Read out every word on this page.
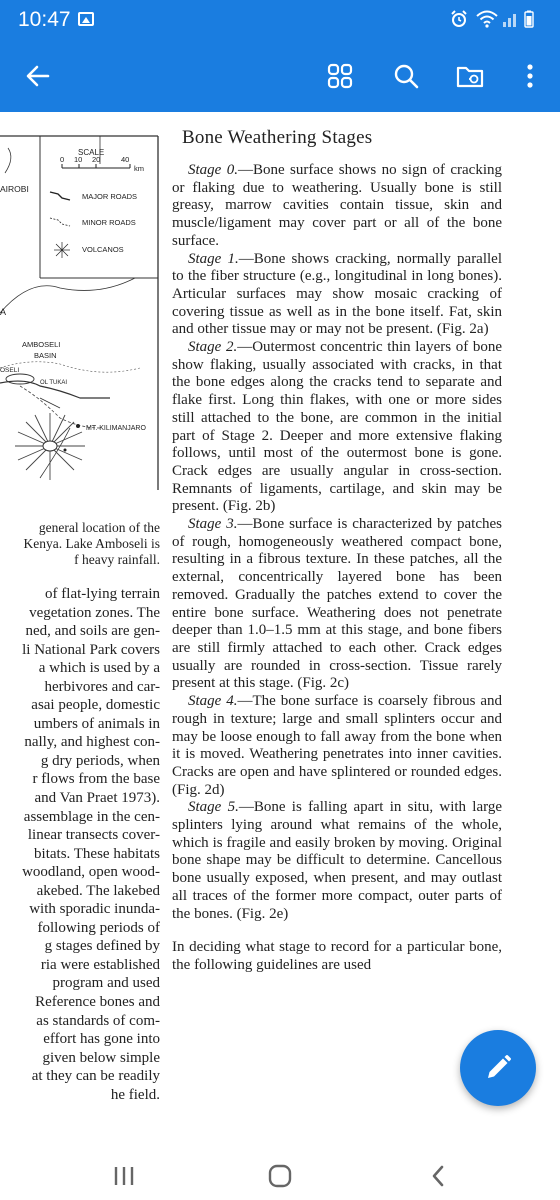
10:47
SCALE
0 10 20	40
km
MAJOR ROADS
MINOR ROADS
VOLCANOS
AIROBI
A
AMBOSELI
BASIN
OSELI
OL TUKAI
MT. KILIMANJARO
general location of the
Kenya. Lake Amboseli is
f heavy rainfall.
of flat-lying terrain
vegetation zones. The
ned, and soils are gen-
li National Park covers
a which is used by a
herbivores and car-
asai people, domestic
umbers of animals in
nally, and highest con-
g dry periods, when
r flows from the base
and Van Praet 1973).
assemblage in the cen-
linear transects cover-
bitats. These habitats
woodland, open wood-
akebed. The lakebed
with sporadic inunda-
following periods of
g stages defined by
ria were established
program and used
Reference bones and
as standards of com-
effort has gone into
given below simple
at they can be readily
he field.
Bone Weathering Stages

Stage 0.—Bone surface shows no sign of cracking or flaking due to weathering. Usually bone is still greasy, marrow cavities contain tissue, skin and muscle/ligament may cover part or all of the bone surface.

Stage 1.—Bone shows cracking, normally parallel to the fiber structure (e.g., longitudinal in long bones). Articular surfaces may show mosaic cracking of covering tissue as well as in the bone itself. Fat, skin and other tissue may or may not be present. (Fig. 2a)

Stage 2.—Outermost concentric thin layers of bone show flaking, usually associated with cracks, in that the bone edges along the cracks tend to separate and flake first. Long thin flakes, with one or more sides still attached to the bone, are common in the initial part of Stage 2. Deeper and more extensive flaking follows, until most of the outermost bone is gone. Crack edges are usually angular in cross-section. Remnants of ligaments, cartilage, and skin may be present. (Fig. 2b)

Stage 3.—Bone surface is characterized by patches of rough, homogeneously weathered compact bone, resulting in a fibrous texture. In these patches, all the external, concentrically layered bone has been removed. Gradually the patches extend to cover the entire bone surface. Weathering does not penetrate deeper than 1.0–1.5 mm at this stage, and bone fibers are still firmly attached to each other. Crack edges usually are rounded in cross-section. Tissue rarely present at this stage. (Fig. 2c)

Stage 4.—The bone surface is coarsely fibrous and rough in texture; large and small splinters occur and may be loose enough to fall away from the bone when it is moved. Weathering penetrates into inner cavities. Cracks are open and have splintered or rounded edges. (Fig. 2d)

Stage 5.—Bone is falling apart in situ, with large splinters lying around what remains of the whole, which is fragile and easily broken by moving. Original bone shape may be difficult to determine. Cancellous bone usually exposed, when present, and may outlast all traces of the former more compact, outer parts of the bones. (Fig. 2e)

In deciding what stage to record for a particular bone, the following guidelines are used
